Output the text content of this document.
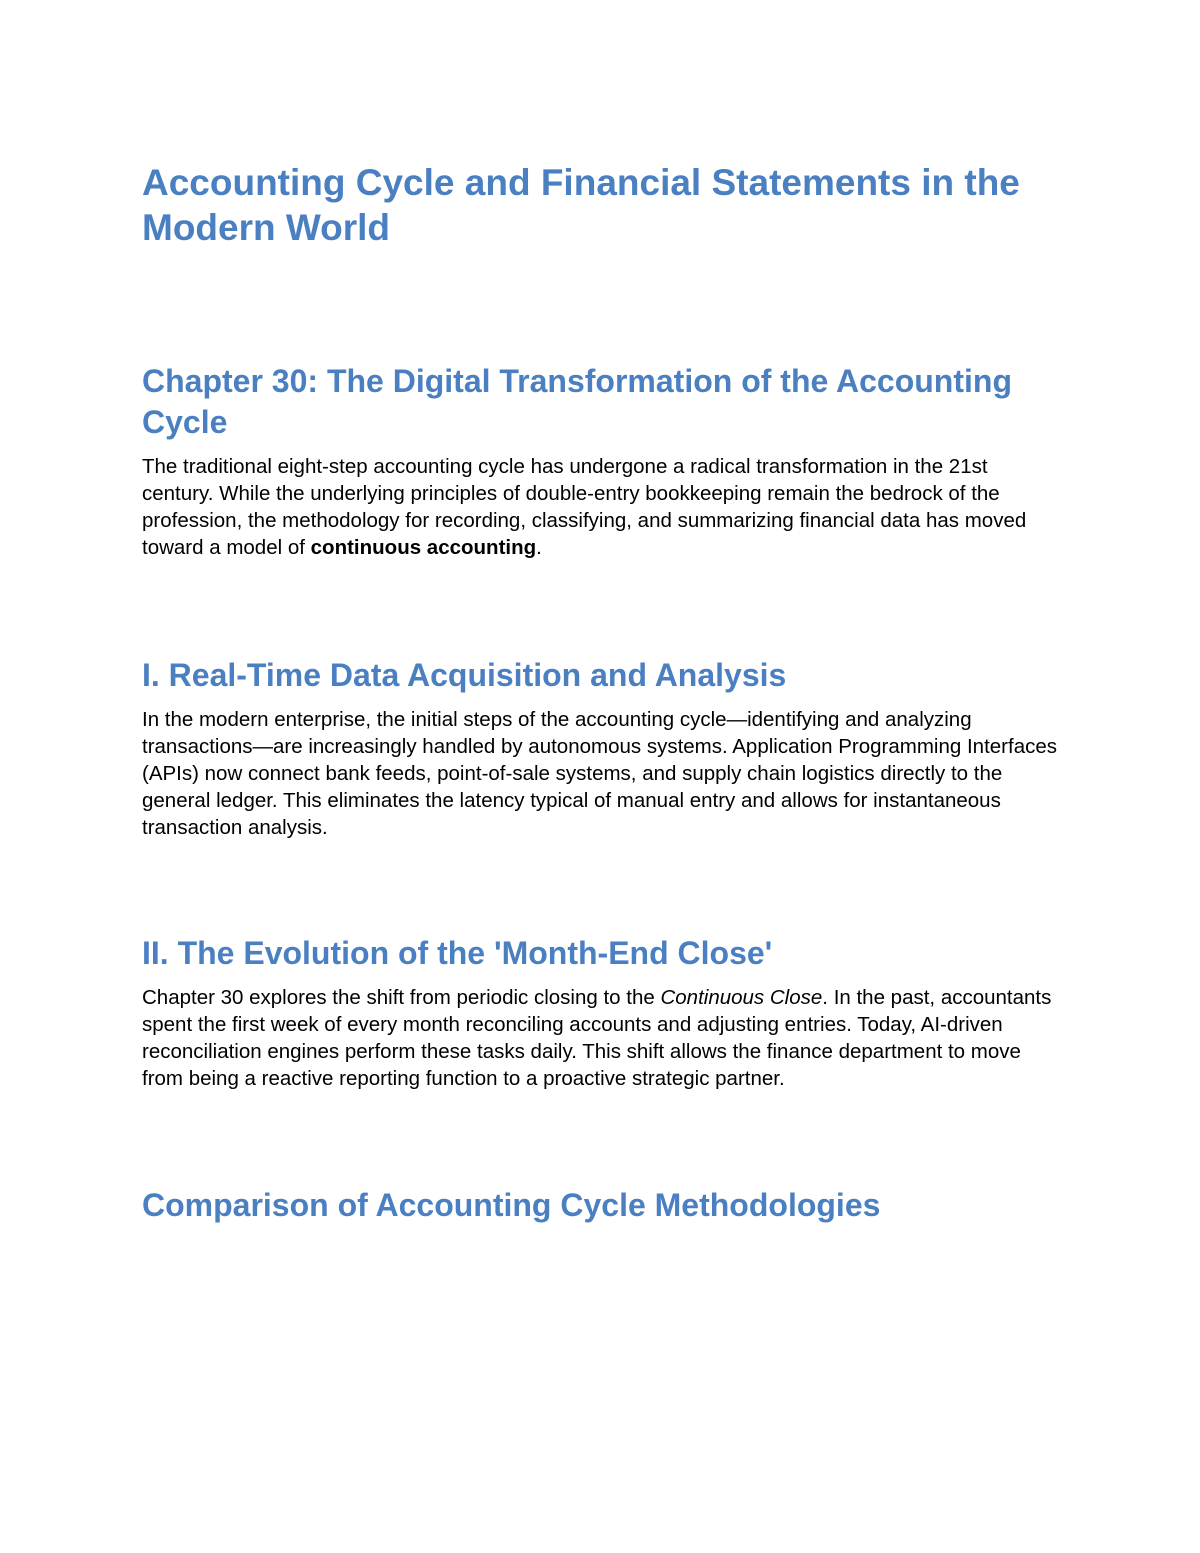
Accounting Cycle and Financial Statements in the Modern World
Chapter 30: The Digital Transformation of the Accounting Cycle

The traditional eight-step accounting cycle has undergone a radical transformation in the 21st century. While the underlying principles of double-entry bookkeeping remain the bedrock of the profession, the methodology for recording, classifying, and summarizing financial data has moved toward a model of continuous accounting.

I. Real-Time Data Acquisition and Analysis

In the modern enterprise, the initial steps of the accounting cycle—identifying and analyzing transactions—are increasingly handled by autonomous systems. Application Programming Interfaces (APIs) now connect bank feeds, point-of-sale systems, and supply chain logistics directly to the general ledger. This eliminates the latency typical of manual entry and allows for instantaneous transaction analysis.

II. The Evolution of the 'Month-End Close'

Chapter 30 explores the shift from periodic closing to the Continuous Close. In the past, accountants spent the first week of every month reconciling accounts and adjusting entries. Today, AI-driven reconciliation engines perform these tasks daily. This shift allows the finance department to move from being a reactive reporting function to a proactive strategic partner.

Comparison of Accounting Cycle Methodologies
